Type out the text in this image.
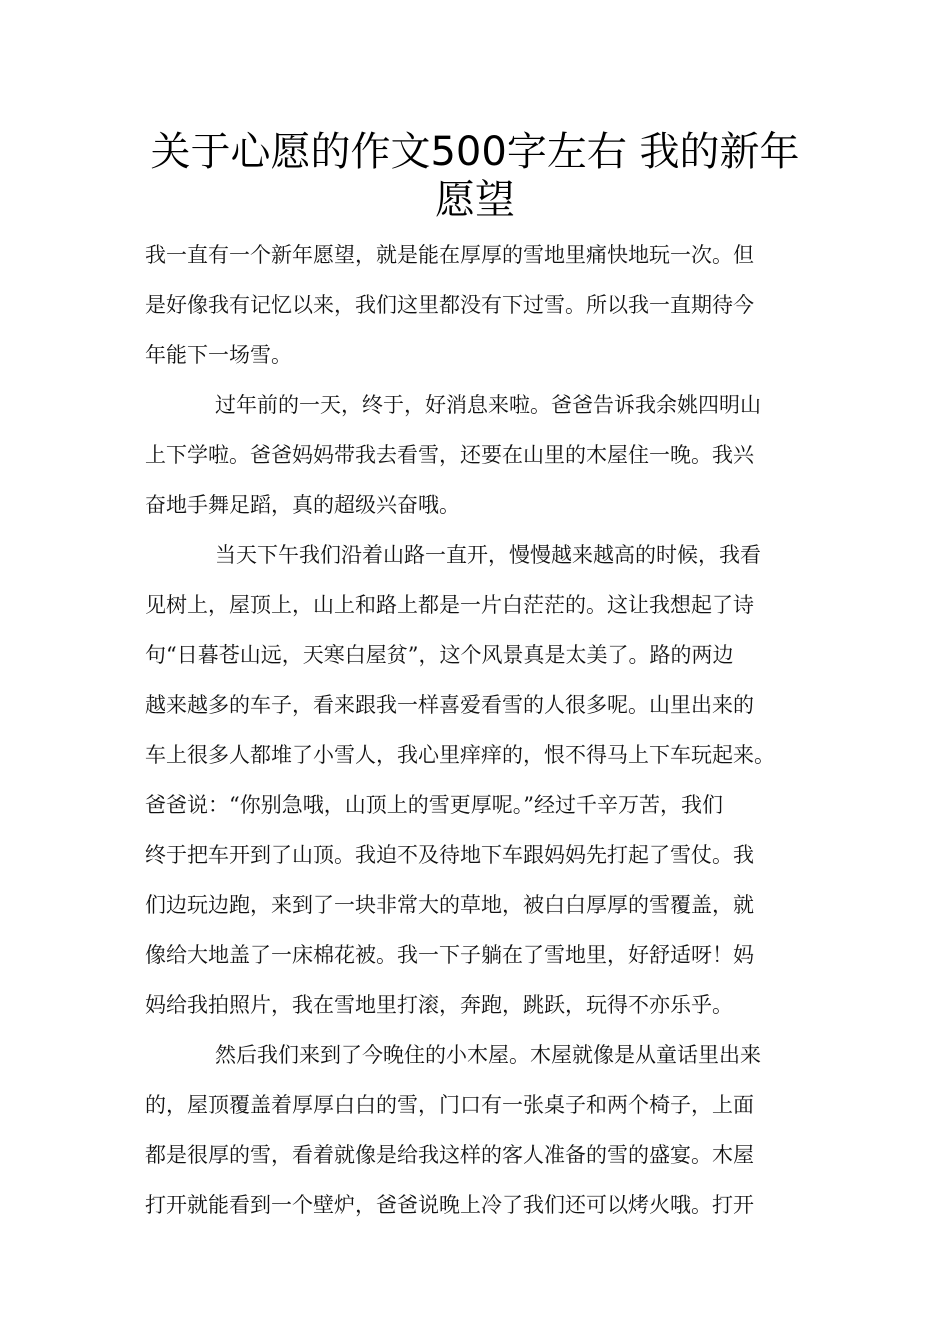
关于心愿的作文500字左右 我的新年
愿望
我一直有一个新年愿望，就是能在厚厚的雪地里痛快地玩一次。但
是好像我有记忆以来，我们这里都没有下过雪。所以我一直期待今
年能下一场雪。
过年前的一天，终于，好消息来啦。爸爸告诉我余姚四明山
上下学啦。爸爸妈妈带我去看雪，还要在山里的木屋住一晚。我兴
奋地手舞足蹈，真的超级兴奋哦。
当天下午我们沿着山路一直开，慢慢越来越高的时候，我看
见树上，屋顶上，山上和路上都是一片白茫茫的。这让我想起了诗
句“日暮苍山远，天寒白屋贫”，这个风景真是太美了。路的两边
越来越多的车子，看来跟我一样喜爱看雪的人很多呢。山里出来的
车上很多人都堆了小雪人，我心里痒痒的，恨不得马上下车玩起来。
爸爸说：“你别急哦，山顶上的雪更厚呢。”经过千辛万苦，我们
终于把车开到了山顶。我迫不及待地下车跟妈妈先打起了雪仗。我
们边玩边跑，来到了一块非常大的草地，被白白厚厚的雪覆盖，就
像给大地盖了一床棉花被。我一下子躺在了雪地里，好舒适呀！妈
妈给我拍照片，我在雪地里打滚，奔跑，跳跃，玩得不亦乐乎。
然后我们来到了今晚住的小木屋。木屋就像是从童话里出来
的，屋顶覆盖着厚厚白白的雪，门口有一张桌子和两个椅子，上面
都是很厚的雪，看着就像是给我这样的客人准备的雪的盛宴。木屋
打开就能看到一个壁炉，爸爸说晚上冷了我们还可以烤火哦。打开
